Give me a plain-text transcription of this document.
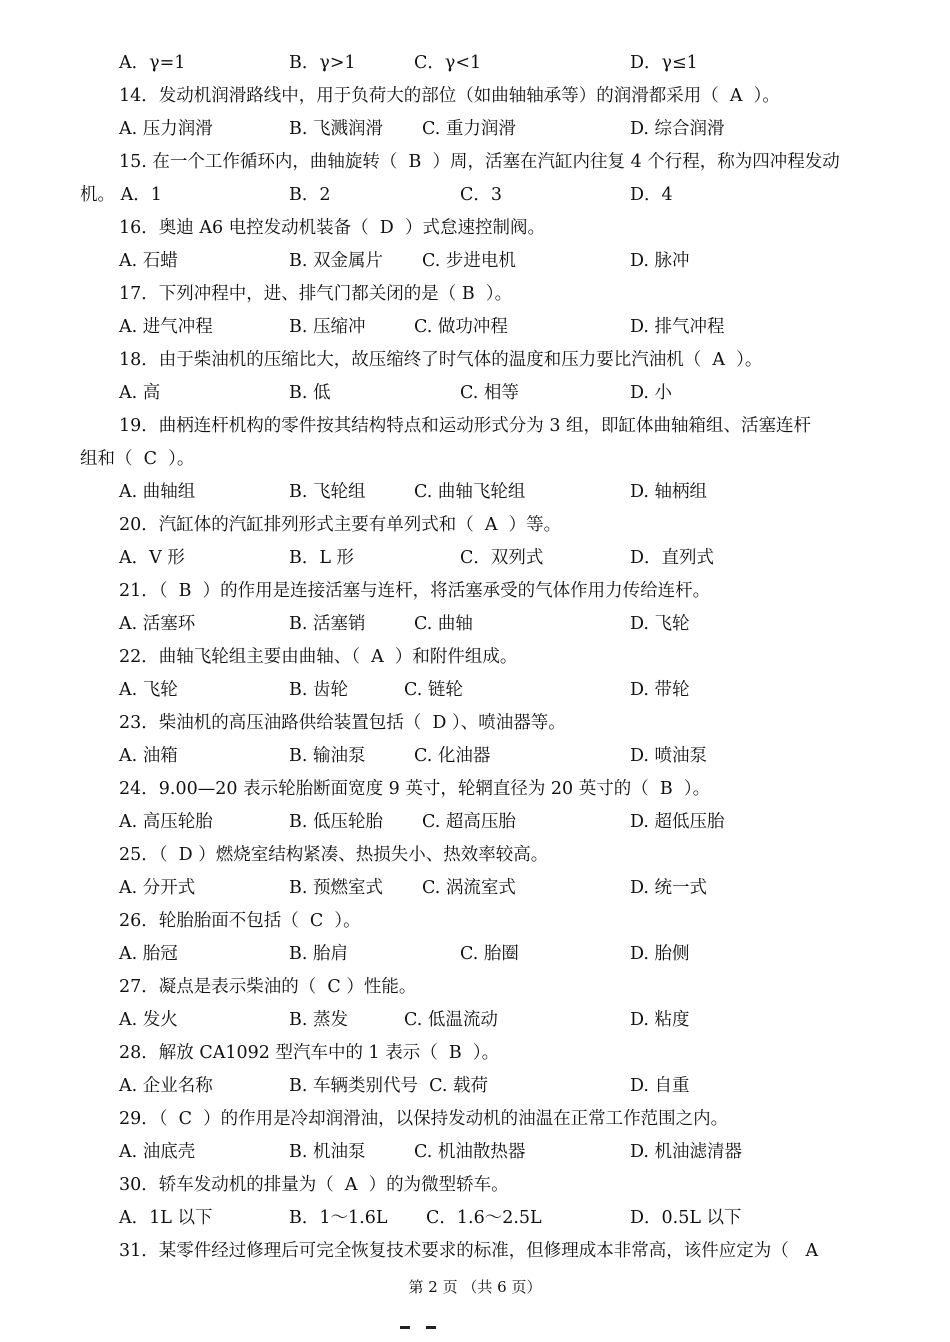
A．γ=1	B．γ>1	C．γ<1	D．γ≤1
14．发动机润滑路线中，用于负荷大的部位（如曲轴轴承等）的润滑都采用（  A  ）。
A. 压力润滑	B. 飞溅润滑 C. 重力润滑	D. 综合润滑
15. 在一个工作循环内，曲轴旋转（  B  ）周，活塞在汽缸内往复 4 个行程，称为四冲程发动
机。 A．1	B．2	C．3	D．4
16．奥迪 A6 电控发动机装备（  D  ）式怠速控制阀。
A. 石蜡	B. 双金属片 C. 步进电机	D. 脉冲
17．下列冲程中，进、排气门都关闭的是（ B  ）。
A. 进气冲程	B. 压缩冲	C. 做功冲程	D. 排气冲程
18．由于柴油机的压缩比大，故压缩终了时气体的温度和压力要比汽油机（  A  ）。
A. 高	B. 低	C. 相等	D. 小
19．曲柄连杆机构的零件按其结构特点和运动形式分为 3 组，即缸体曲轴箱组、活塞连杆
组和（  C  ）。
A. 曲轴组	B. 飞轮组	C. 曲轴飞轮组	D. 轴柄组
20．汽缸体的汽缸排列形式主要有单列式和（  A  ）等。
A．V 形	B．L 形	C．双列式	D．直列式
21．（  B  ）的作用是连接活塞与连杆，将活塞承受的气体作用力传给连杆。
A. 活塞环	B. 活塞销	C. 曲轴	D. 飞轮
22．曲轴飞轮组主要由曲轴、（  A  ）和附件组成。
A. 飞轮	B. 齿轮	C. 链轮	D. 带轮
23．柴油机的高压油路供给装置包括（  D ）、喷油器等。
A. 油箱	B. 输油泵	C. 化油器	D. 喷油泵
24．9.00—20 表示轮胎断面宽度 9 英寸，轮辋直径为 20 英寸的（  B  ）。
A. 高压轮胎	B. 低压轮胎 C. 超高压胎	D. 超低压胎
25．（  D ）燃烧室结构紧凑、热损失小、热效率较高。
A. 分开式	B. 预燃室式 C. 涡流室式	D. 统一式
26．轮胎胎面不包括（  C  ）。
A. 胎冠	B. 胎肩	C. 胎圈	D. 胎侧
27．凝点是表示柴油的（  C ）性能。
A. 发火	B. 蒸发	C. 低温流动	D. 粘度
28．解放 CA1092 型汽车中的 1 表示（  B  ）。
A. 企业名称	B. 车辆类别代号  C. 载荷	D. 自重
29．（  C  ）的作用是冷却润滑油，以保持发动机的油温在正常工作范围之内。
A. 油底壳	B. 机油泵	C. 机油散热器	D. 机油滤清器
30．轿车发动机的排量为（  A  ）的为微型轿车。
A．1L 以下	B．1～1.6L C．1.6～2.5L	D．0.5L 以下
31．某零件经过修理后可完全恢复技术要求的标准，但修理成本非常高，该件应定为（   A
第 2 页 （共 6 页）
